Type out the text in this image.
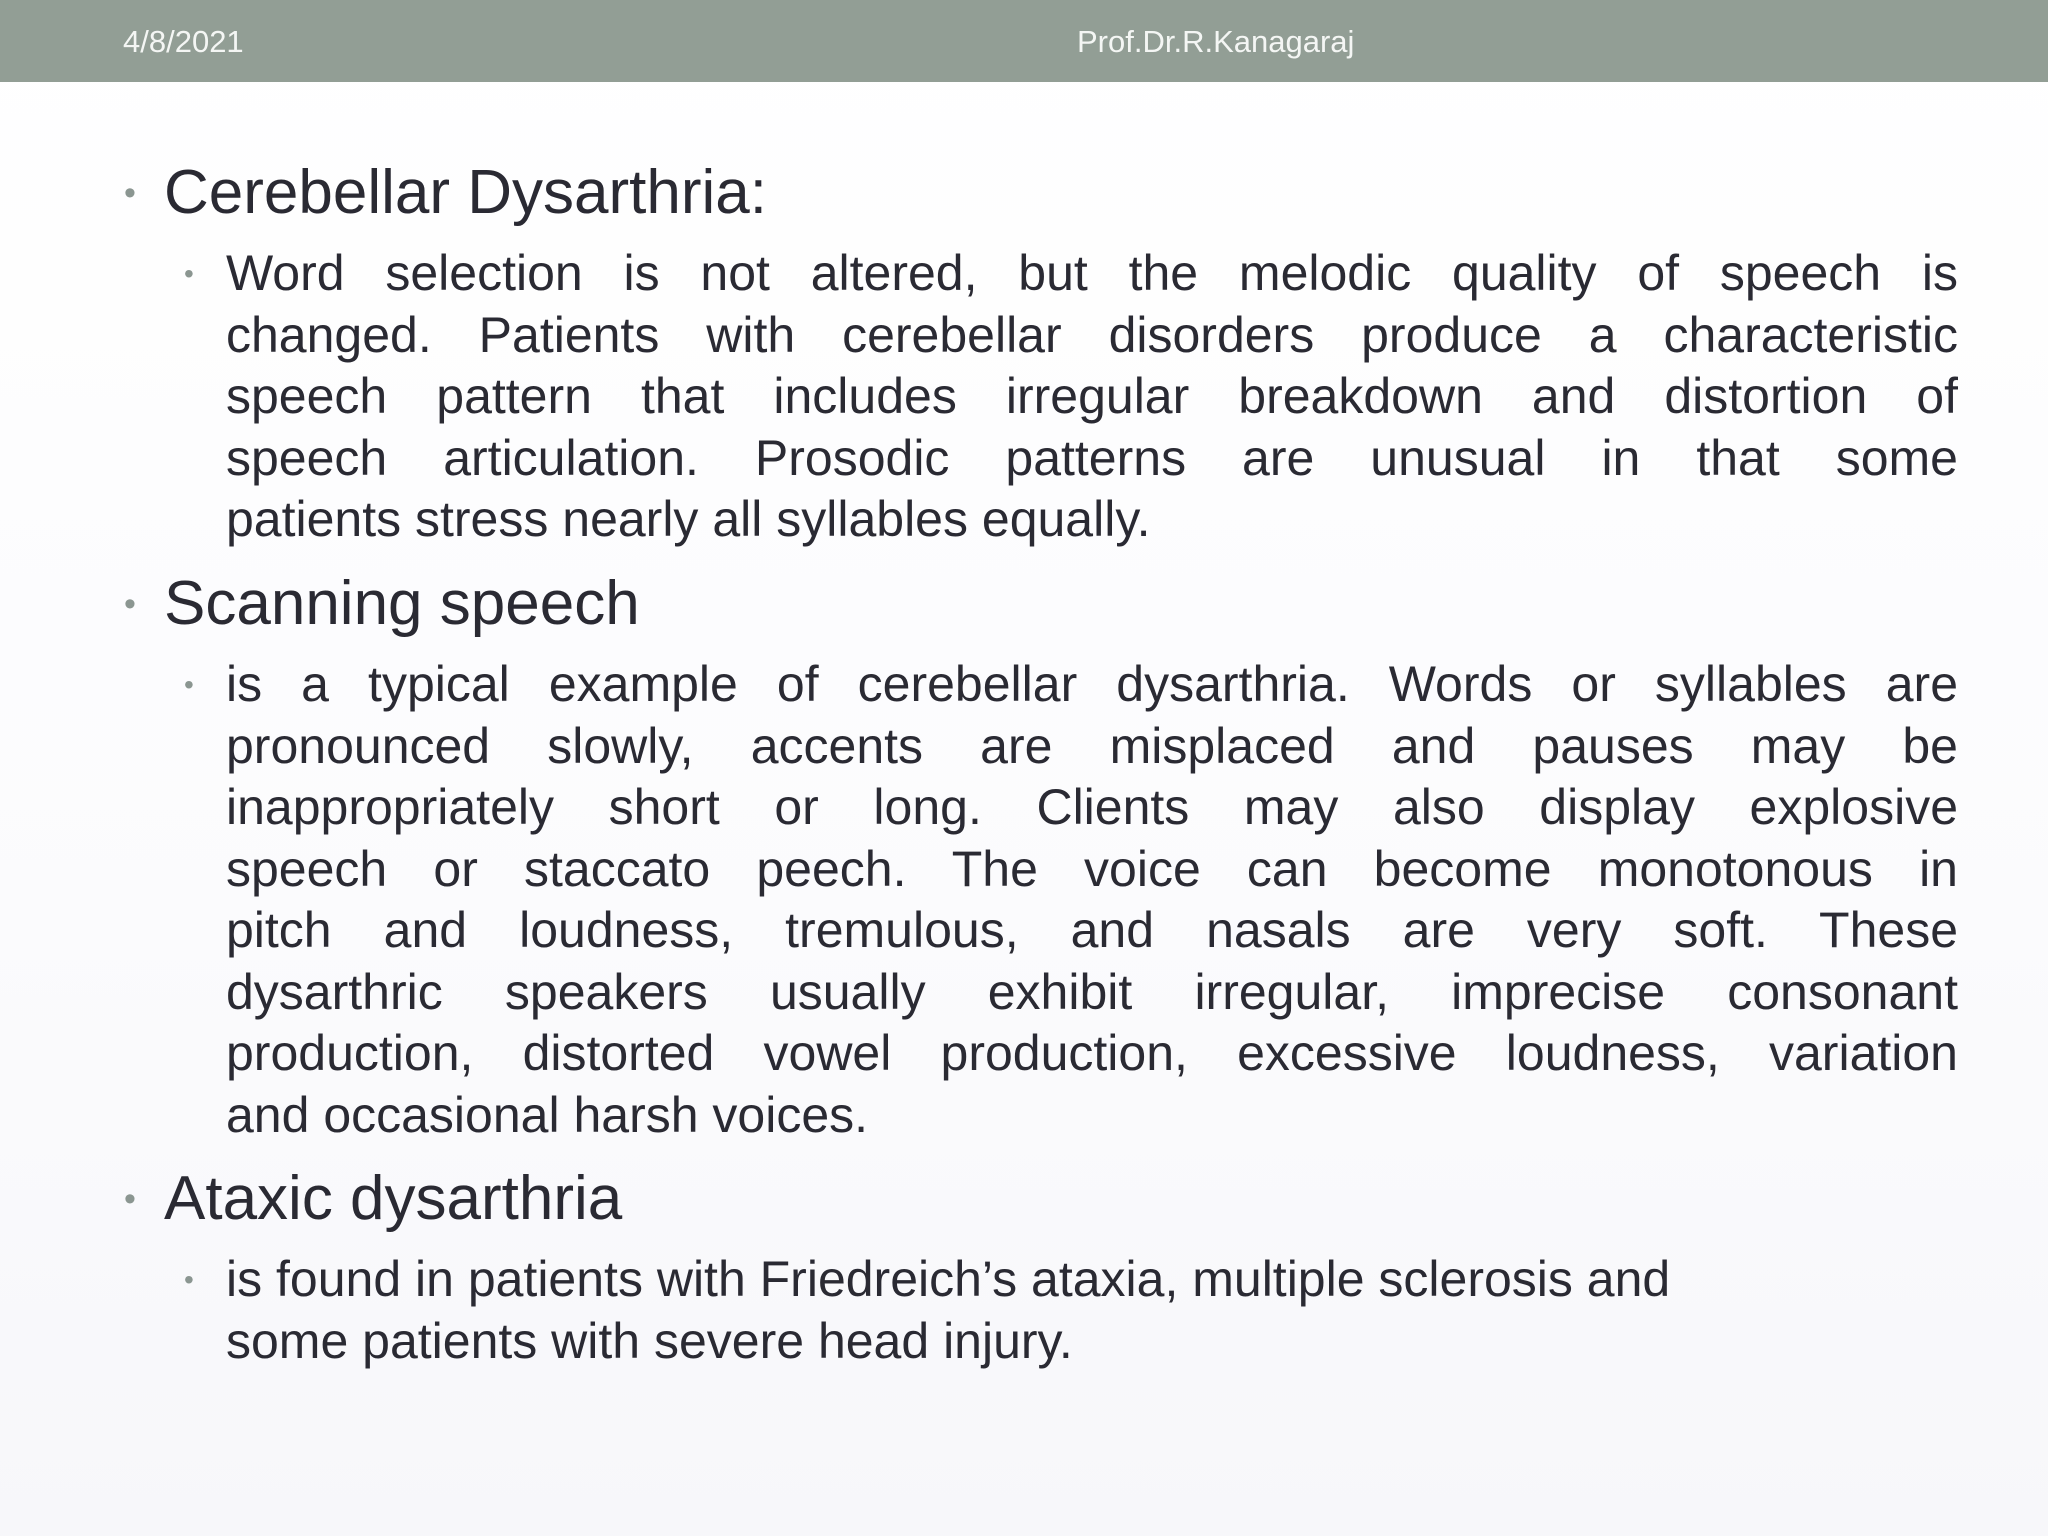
4/8/2021	Prof.Dr.R.Kanagaraj
• Cerebellar Dysarthria:
• Word selection is not altered, but the melodic quality of speech is
changed. Patients with cerebellar disorders produce a characteristic
speech pattern that includes irregular breakdown and distortion of
speech articulation. Prosodic patterns are unusual in that some
patients stress nearly all syllables equally.
• Scanning speech
• is a typical example of cerebellar dysarthria. Words or syllables are
pronounced slowly, accents are misplaced and pauses may be
inappropriately short or long. Clients may also display explosive
speech or staccato peech. The voice can become monotonous in
pitch and loudness, tremulous, and nasals are very soft. These
dysarthric speakers usually exhibit irregular, imprecise consonant
production, distorted vowel production, excessive loudness, variation
and occasional harsh voices.
• Ataxic dysarthria
• is found in patients with Friedreich’s ataxia, multiple sclerosis and
some patients with severe head injury.
